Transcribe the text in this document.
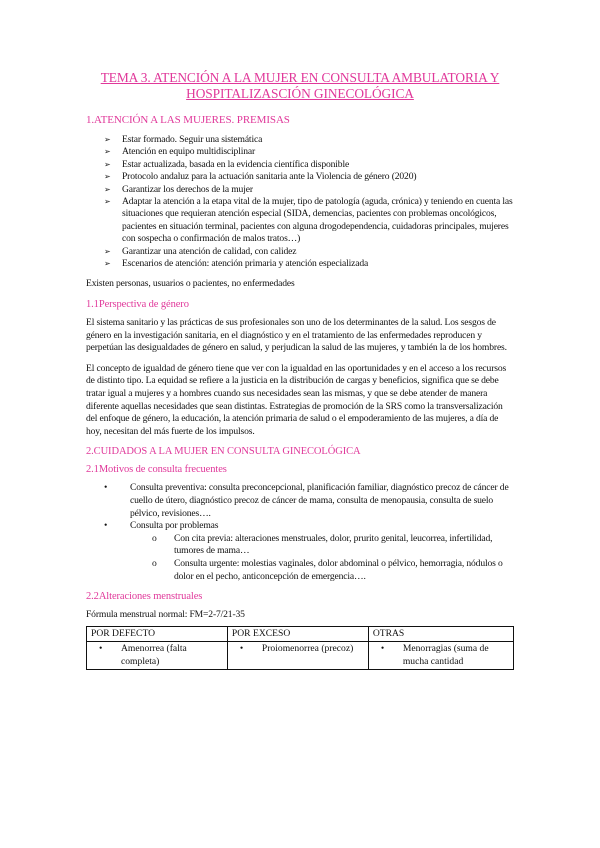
TEMA 3. ATENCIÓN A LA MUJER EN CONSULTA AMBULATORIA Y
HOSPITALIZASCIÓN GINECOLÓGICA
1.ATENCIÓN A LAS MUJERES. PREMISAS
➢ Estar formado. Seguir una sistemática
➢ Atención en equipo multidisciplinar
➢ Estar actualizada, basada en la evidencia científica disponible
➢ Protocolo andaluz para la actuación sanitaria ante la Violencia de género (2020)
➢ Garantizar los derechos de la mujer
➢ Adaptar la atención a la etapa vital de la mujer, tipo de patología (aguda, crónica) y teniendo en cuenta las situaciones que requieran atención especial (SIDA, demencias, pacientes con problemas oncológicos, pacientes en situación terminal, pacientes con alguna drogodependencia, cuidadoras principales, mujeres con sospecha o confirmación de malos tratos…)
➢ Garantizar una atención de calidad, con calidez
➢ Escenarios de atención: atención primaria y atención especializada

Existen personas, usuarios o pacientes, no enfermedades

1.1Perspectiva de género

El sistema sanitario y las prácticas de sus profesionales son uno de los determinantes de la salud. Los sesgos de género en la investigación sanitaria, en el diagnóstico y en el tratamiento de las enfermedades reproducen y perpetúan las desigualdades de género en salud, y perjudican la salud de las mujeres, y también la de los hombres.

El concepto de igualdad de género tiene que ver con la igualdad en las oportunidades y en el acceso a los recursos de distinto tipo. La equidad se refiere a la justicia en la distribución de cargas y beneficios, significa que se debe tratar igual a mujeres y a hombres cuando sus necesidades sean las mismas, y que se debe atender de manera diferente aquellas necesidades que sean distintas. Estrategias de promoción de la SRS como la transversalización del enfoque de género, la educación, la atención primaria de salud o el empoderamiento de las mujeres, a día de hoy, necesitan del más fuerte de los impulsos.

2.CUIDADOS A LA MUJER EN CONSULTA GINECOLÓGICA
2.1Motivos de consulta frecuentes
• Consulta preventiva: consulta preconcepcional, planificación familiar, diagnóstico precoz de cáncer de cuello de útero, diagnóstico precoz de cáncer de mama, consulta de menopausia, consulta de suelo pélvico, revisiones….
• Consulta por problemas
o Con cita previa: alteraciones menstruales, dolor, prurito genital, leucorrea, infertilidad, tumores de mama…
o Consulta urgente: molestias vaginales, dolor abdominal o pélvico, hemorragia, nódulos o dolor en el pecho, anticoncepción de emergencia….
2.2Alteraciones menstruales

Fórmula menstrual normal: FM=2-7/21-35

POR DEFECTO	POR EXCESO	OTRAS

• Amenorrea (falta completa)	• Proiomenorrea (precoz)	• Menorragias (suma de mucha cantidad
